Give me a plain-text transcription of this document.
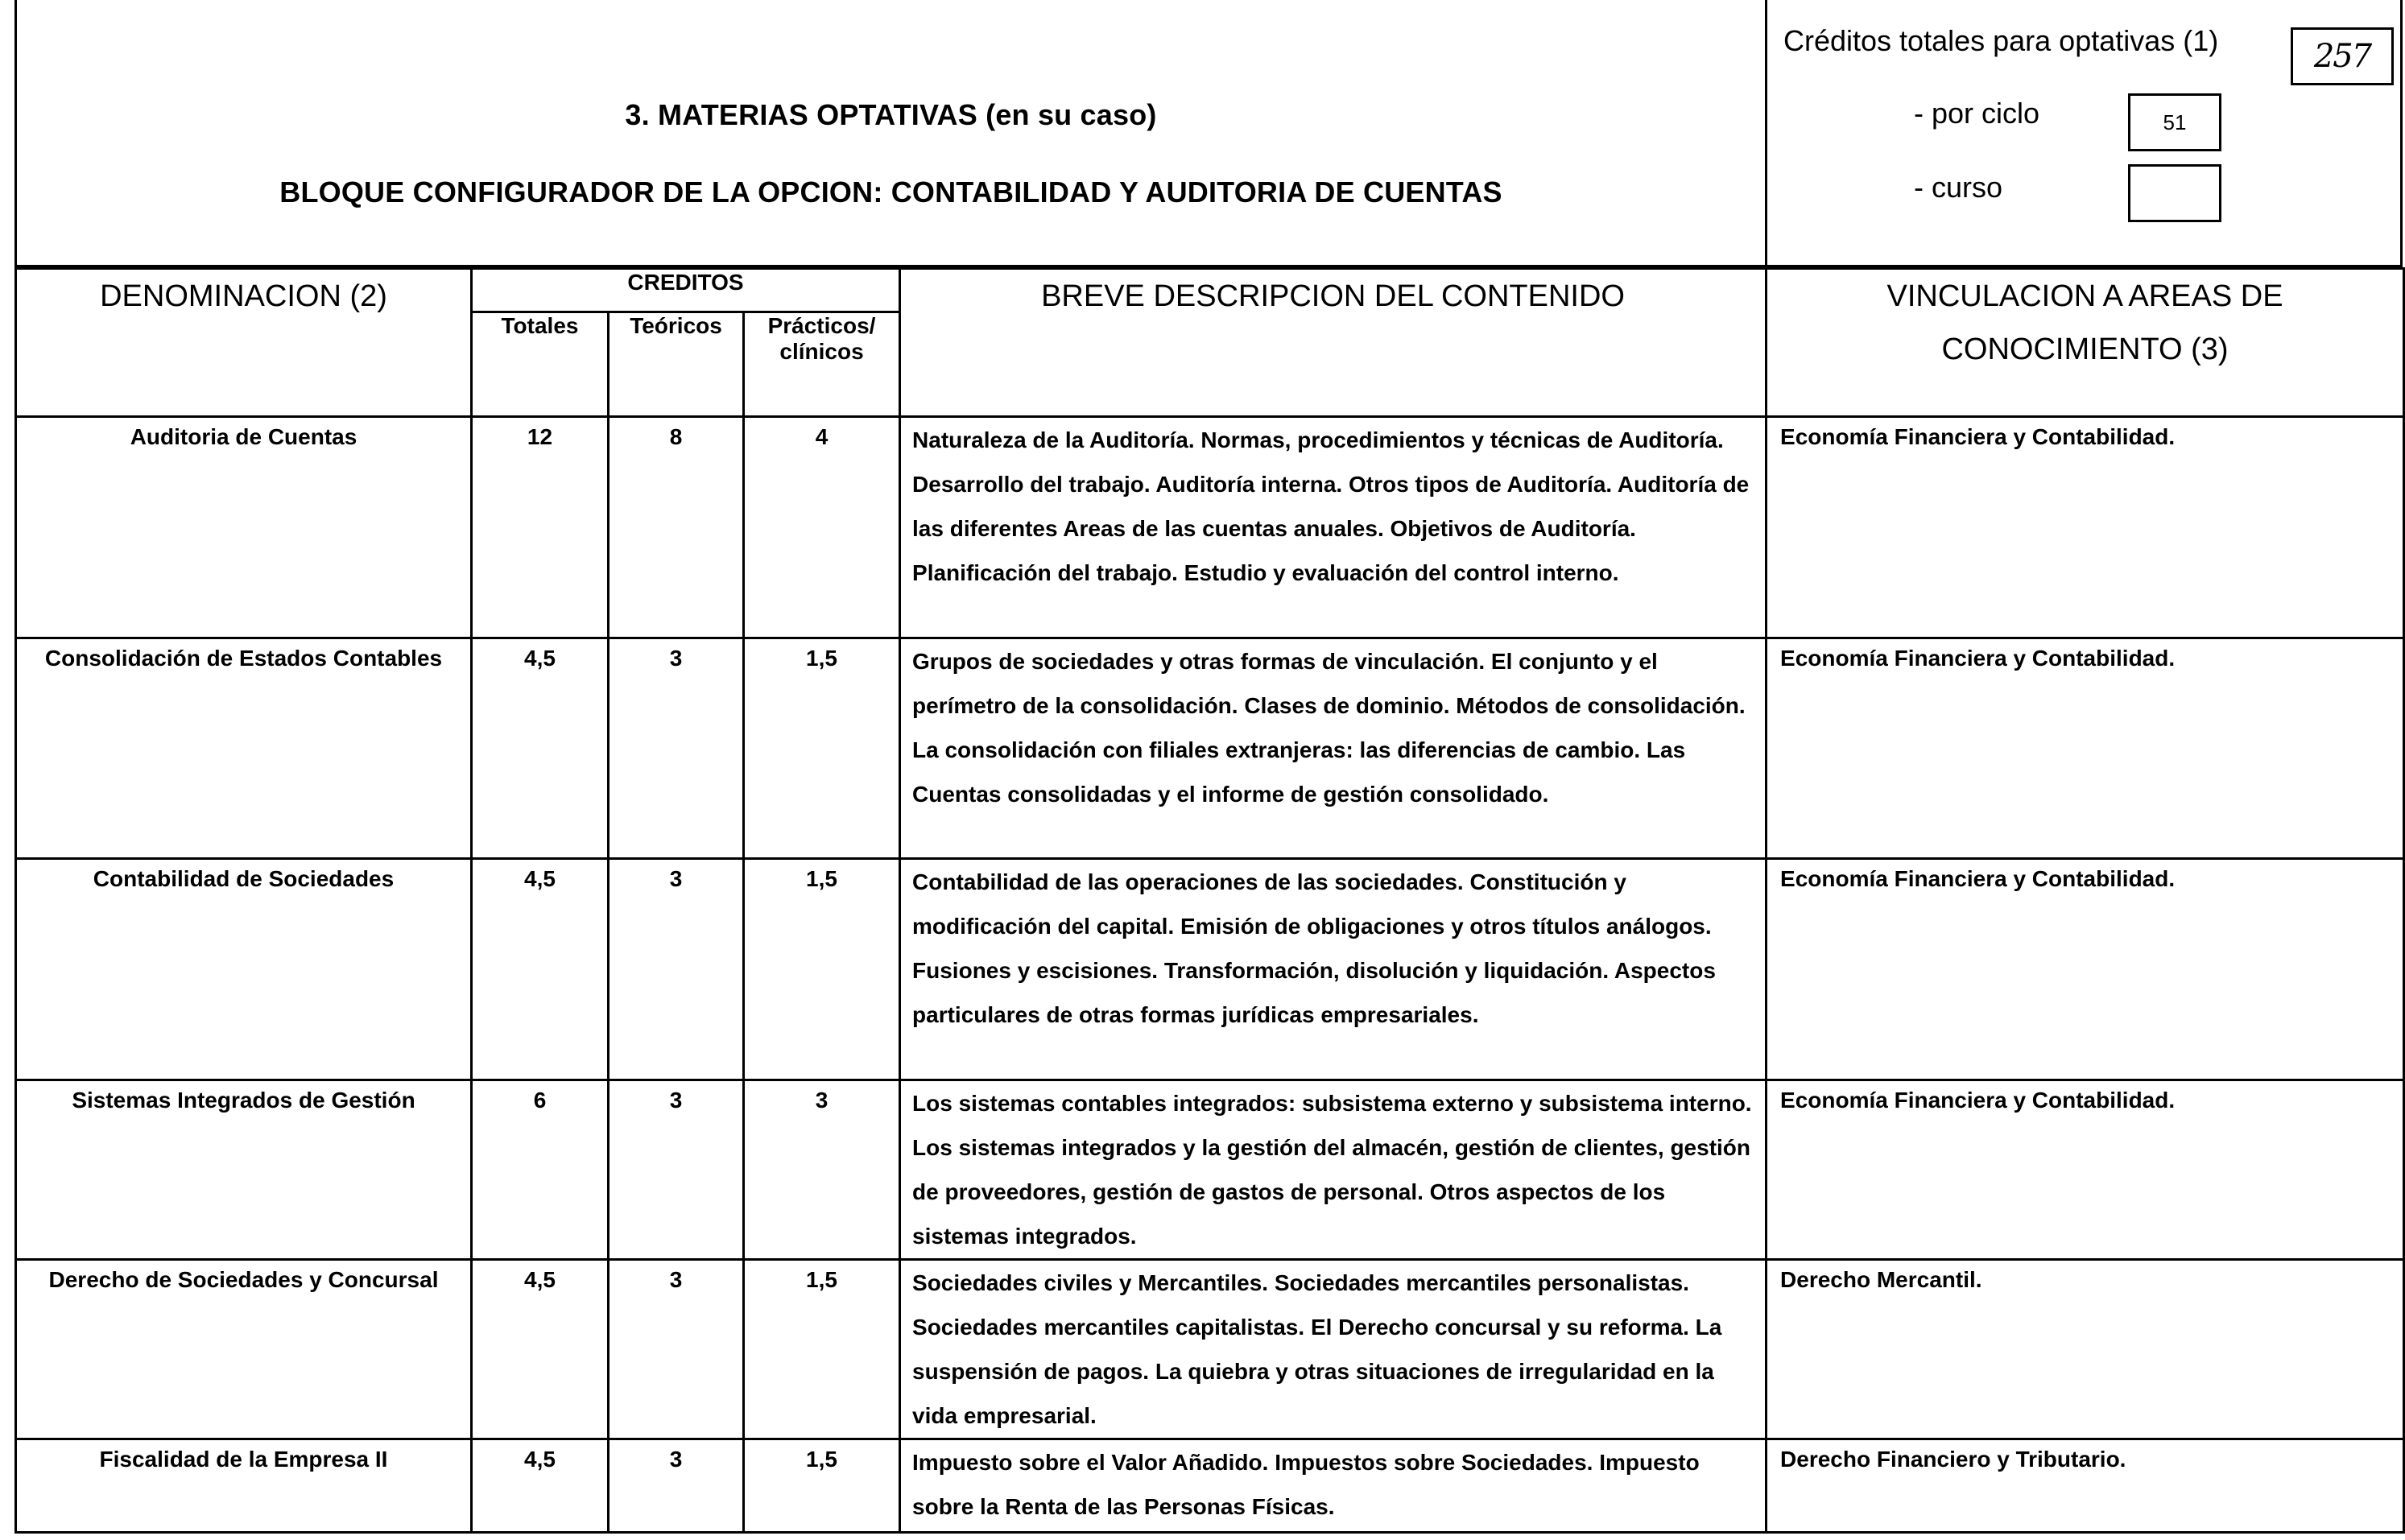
3. MATERIAS OPTATIVAS (en su caso)
BLOQUE CONFIGURADOR DE LA OPCION: CONTABILIDAD Y AUDITORIA DE CUENTAS
Créditos totales para optativas (1)	257
- por ciclo	51
- curso
DENOMINACION (2)	CREDITOS			BREVE DESCRIPCION DEL CONTENIDO	VINCULACION A AREAS DE CONOCIMIENTO (3)
	Totales	Teóricos	Prácticos/ clínicos		
Auditoria de Cuentas	12	8	4	Naturaleza de la Auditoría. Normas, procedimientos y técnicas de Auditoría. Desarrollo del trabajo. Auditoría interna. Otros tipos de Auditoría. Auditoría de las diferentes Areas de las cuentas anuales. Objetivos de Auditoría. Planificación del trabajo. Estudio y evaluación del control interno.	Economía Financiera y Contabilidad.
Consolidación de Estados Contables	4,5	3	1,5	Grupos de sociedades y otras formas de vinculación. El conjunto y el perímetro de la consolidación. Clases de dominio. Métodos de consolidación. La consolidación con filiales extranjeras: las diferencias de cambio. Las Cuentas consolidadas y el informe de gestión consolidado.	Economía Financiera y Contabilidad.
Contabilidad de Sociedades	4,5	3	1,5	Contabilidad de las operaciones de las sociedades. Constitución y modificación del capital. Emisión de obligaciones y otros títulos análogos. Fusiones y escisiones. Transformación, disolución y liquidación. Aspectos particulares de otras formas jurídicas empresariales.	Economía Financiera y Contabilidad.
Sistemas Integrados de Gestión	6	3	3	Los sistemas contables integrados: subsistema externo y subsistema interno. Los sistemas integrados y la gestión del almacén, gestión de clientes, gestión de proveedores, gestión de gastos de personal. Otros aspectos de los sistemas integrados.	Economía Financiera y Contabilidad.
Derecho de Sociedades y Concursal	4,5	3	1,5	Sociedades civiles y Mercantiles. Sociedades mercantiles personalistas. Sociedades mercantiles capitalistas. El Derecho concursal y su reforma. La suspensión de pagos. La quiebra y otras situaciones de irregularidad en la vida empresarial.	Derecho Mercantil.
Fiscalidad de la Empresa II	4,5	3	1,5	Impuesto sobre el Valor Añadido. Impuestos sobre Sociedades. Impuesto sobre la Renta de las Personas Físicas.	Derecho Financiero y Tributario.
